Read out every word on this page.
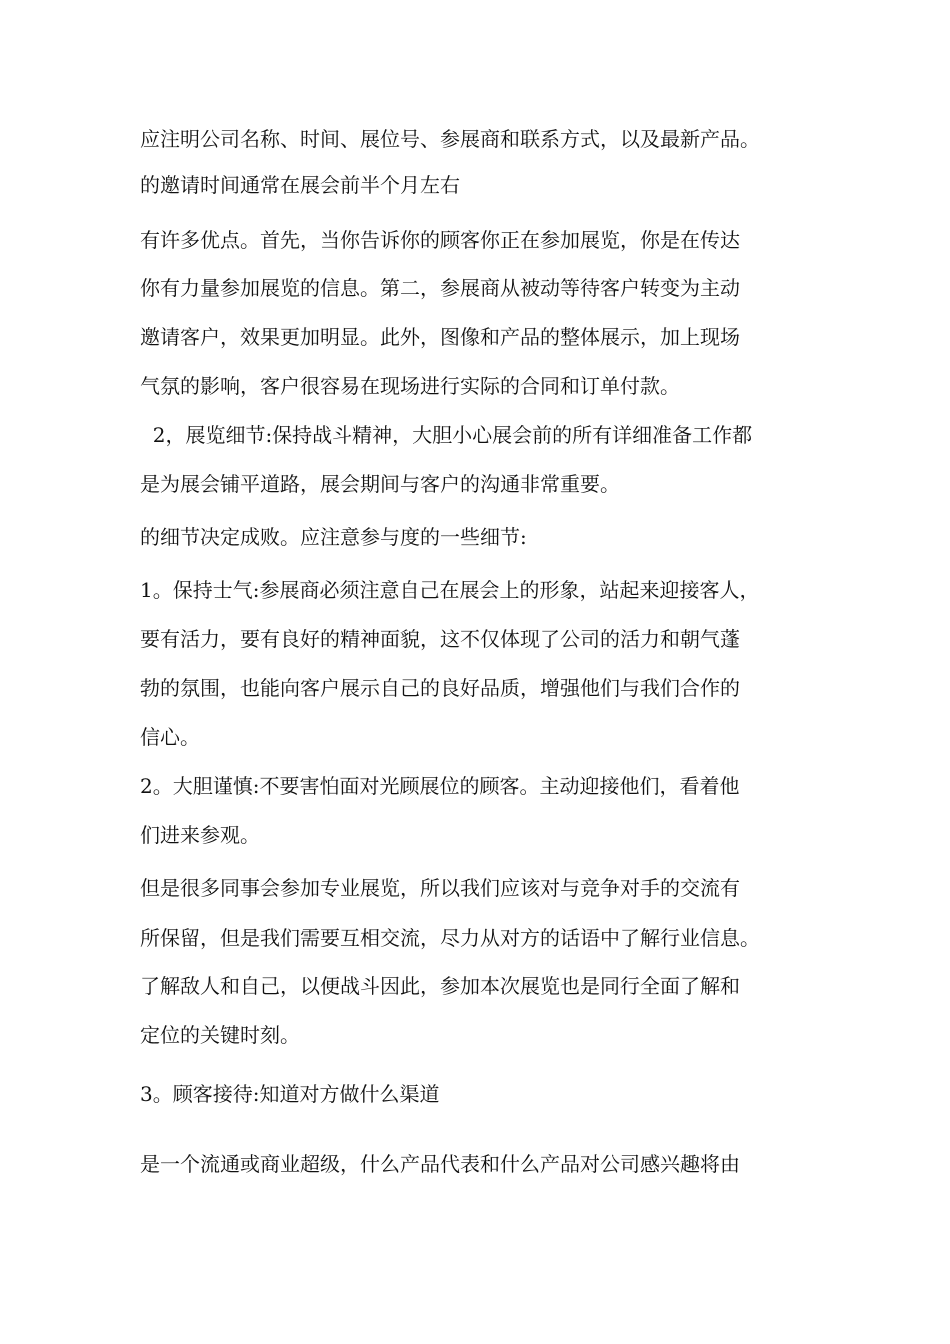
应注明公司名称、时间、展位号、参展商和联系方式，以及最新产品。
的邀请时间通常在展会前半个月左右
有许多优点。首先，当你告诉你的顾客你正在参加展览，你是在传达
你有力量参加展览的信息。第二，参展商从被动等待客户转变为主动
邀请客户，效果更加明显。此外，图像和产品的整体展示，加上现场
气氛的影响，客户很容易在现场进行实际的合同和订单付款。
2，展览细节:保持战斗精神，大胆小心展会前的所有详细准备工作都
是为展会铺平道路，展会期间与客户的沟通非常重要。
的细节决定成败。应注意参与度的一些细节:
1。保持士气:参展商必须注意自己在展会上的形象，站起来迎接客人，
要有活力，要有良好的精神面貌，这不仅体现了公司的活力和朝气蓬
勃的氛围，也能向客户展示自己的良好品质，增强他们与我们合作的
信心。
2。大胆谨慎:不要害怕面对光顾展位的顾客。主动迎接他们，看着他
们进来参观。
但是很多同事会参加专业展览，所以我们应该对与竞争对手的交流有
所保留，但是我们需要互相交流，尽力从对方的话语中了解行业信息。
了解敌人和自己，以便战斗因此，参加本次展览也是同行全面了解和
定位的关键时刻。
3。顾客接待:知道对方做什么渠道
是一个流通或商业超级，什么产品代表和什么产品对公司感兴趣将由
